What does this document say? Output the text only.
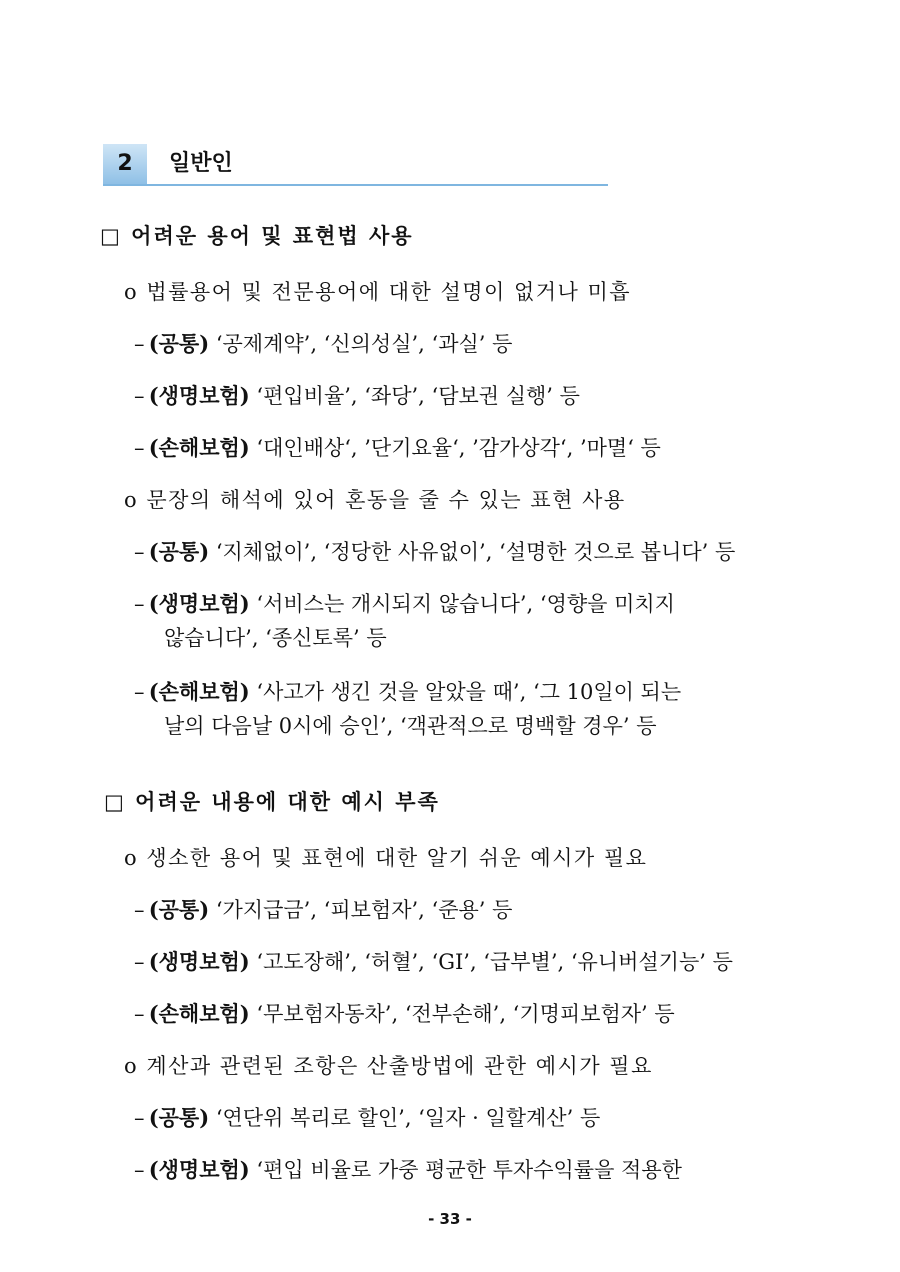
2	일반인
□ 어려운 용어 및 표현법 사용
o 법률용어 및 전문용어에 대한 설명이 없거나 미흡
– (공통) ‘공제계약’, ‘신의성실’, ‘과실’ 등
– (생명보험) ‘편입비율’, ‘좌당’, ‘담보권 실행’ 등
– (손해보험) ‘대인배상‘, ’단기요율‘, ’감가상각‘, ’마멸‘ 등
o 문장의 해석에 있어 혼동을 줄 수 있는 표현 사용
– (공통) ‘지체없이’, ‘정당한 사유없이’, ‘설명한 것으로 봅니다’ 등
– (생명보험) ‘서비스는 개시되지 않습니다’, ‘영향을 미치지
않습니다’, ‘종신토록’ 등
– (손해보험) ‘사고가 생긴 것을 알았을 때’, ‘그 10일이 되는
날의 다음날 0시에 승인’, ‘객관적으로 명백할 경우’ 등
□ 어려운 내용에 대한 예시 부족
o 생소한 용어 및 표현에 대한 알기 쉬운 예시가 필요
– (공통) ‘가지급금’, ‘피보험자’, ‘준용’ 등
– (생명보험) ‘고도장해’, ‘허혈’, ‘GI’, ‘급부별’, ‘유니버설기능’ 등
– (손해보험) ‘무보험자동차’, ‘전부손해’, ‘기명피보험자’ 등
o 계산과 관련된 조항은 산출방법에 관한 예시가 필요
– (공통) ‘연단위 복리로 할인’, ‘일자 · 일할계산’ 등
– (생명보험) ‘편입 비율로 가중 평균한 투자수익률을 적용한
- 33 -
